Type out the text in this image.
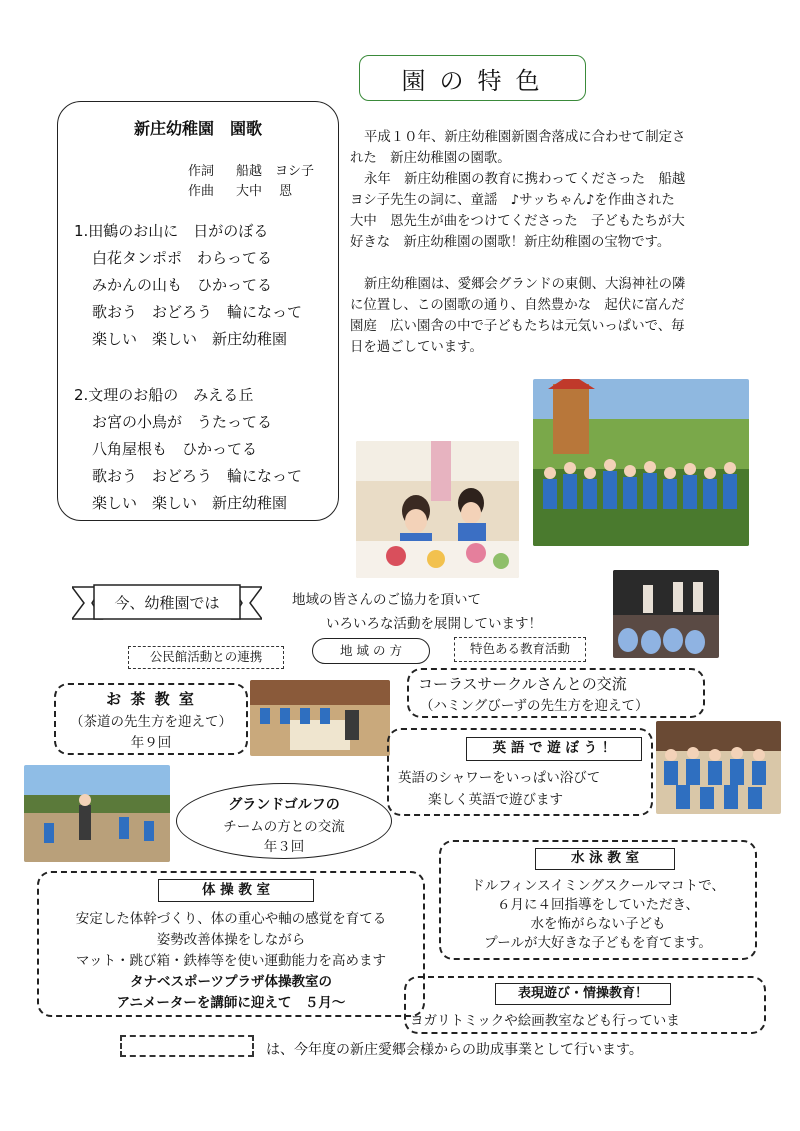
園の特色
新庄幼稚園　園歌
作詞 船越　ヨシ子
作曲 大中　 恩
1.田鶴のお山に　日がのぼる
白花タンポポ　わらってる
みかんの山も　ひかってる
歌おう　おどろう　輪になって
楽しい　楽しい　新庄幼稚園
2.文理のお船の　みえる丘
お宮の小鳥が　うたってる
八角屋根も　ひかってる
歌おう　おどろう　輪になって
楽しい　楽しい　新庄幼稚園
平成１０年、新庄幼稚園新園舎落成に合わせて制定さ
れた　新庄幼稚園の園歌。
永年　新庄幼稚園の教育に携わってくださった　船越
ヨシ子先生の詞に、童謡　♪サッちゃん♪を作曲された
大中　恩先生が曲をつけてくださった　子どもたちが大
好きな　新庄幼稚園の園歌！新庄幼稚園の宝物です。
新庄幼稚園は、愛郷会グランドの東側、大潟神社の隣
に位置し、この園歌の通り、自然豊かな　起伏に富んだ
園庭　広い園舎の中で子どもたちは元気いっぱいで、毎
日を過ごしています。
今、幼稚園では	地域の皆さんのご協力を頂いて
いろいろな活動を展開しています！
公民館活動との連携	地 域 の 方	特色ある教育活動
お 茶 教 室
（茶道の先生方を迎えて）
年９回
コーラスサークルさんとの交流
（ハミングびーずの先生方を迎えて）
英 語 で 遊 ぼ う ！
英語のシャワーをいっぱい浴びて
楽しく英語で遊びます
グランドゴルフの
チームの方との交流
年３回
水 泳 教 室
ドルフィンスイミングスクールマコトで、
６月に４回指導をしていただき、
水を怖がらない子ども
プールが大好きな子どもを育てます。
体 操 教 室
安定した体幹づくり、体の重心や軸の感覚を育てる
姿勢改善体操をしながら
マット・跳び箱・鉄棒等を使い運動能力を高めます
タナベスポーツプラザ体操教室の
アニメーターを講師に迎えて　５月〜
表現遊び・情操教育！
ヨガリトミックや絵画教室なども行っていま
は、今年度の新庄愛郷会様からの助成事業として行います。
